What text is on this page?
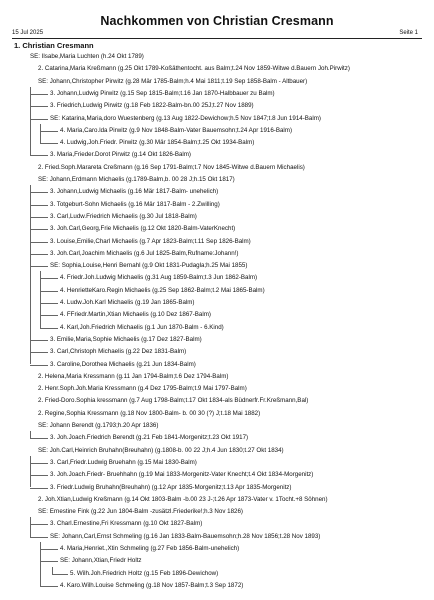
Nachkommen von Christian Cresmann
15 Jul 2025	Seite 1
1. Christian Cresmann
SE: Ilsabe,Maria Luchten (h.24 Okt 1789)
2. Catarina,Maria Kreßmann (g.25 Okt 1789-Koßäthentocht. aus Balm;t.24 Nov 1859-Witwe d.Bauern Joh.Pirwitz)
SE: Johann,Christopher Pirwitz (g.28 Mär 1785-Balm;h.4 Mai 1811;t.19 Sep 1858-Balm - Altbauer)
3. Johann,Ludwig Pirwitz (g.15 Sep 1815-Balm;t.16 Jan 1870-Halbbauer zu Balm)
3. Friedrich,Ludwig Pirwitz (g.18 Feb 1822-Balm-bn.00 25J;t.27 Nov 1889)
SE: Katarina,Maria,doro Wuestenberg (g.13 Aug 1822-Dewichow;h.5 Nov 1847;t.8 Jun 1914-Balm)
4. Maria,Caro.lda Pirwitz (g.9 Nov 1848-Balm-Vater Bauemsohn;t.24 Apr 1916-Balm)
4. Ludwig,Joh.Friedr. Pirwitz (g.30 Mär 1854-Balm;t.25 Okt 1934-Balm)
3. Maria,Frieder.Dorot Pirwitz (g.14 Okt 1826-Balm)
2. Fried.Soph.Marareta Creßmann (g.16 Sep 1791-Balm;t.7 Nov 1845-Witwe d.Bauern Michaelis)
SE: Johann,Erdmann Michaelis (g.1789-Balm,b. 00 28 J;h.15 Okt 1817)
3. Johann,Ludwig Michaelis (g.16 Mär 1817-Balm- unehelich)
3. Totgeburt-Sohn Michaelis (g.16 Mär 1817-Balm - 2.Zwilling)
3. Carl,Ludw.Friedrich Michaelis (g.30 Jul 1818-Balm)
3. Joh.Carl,Georg,Frie Michaelis (g.12 Okt 1820-Balm-VaterKnecht)
3. Louise,Emilie,Charl Michaelis (g.7 Apr 1823-Balm;t.11 Sep 1826-Balm)
3. Joh.Carl,Joachim Michaelis (g.6 Jul 1825-Balm,Rufname:Johann!)
SE: Sophia,Louise,Henri Bernahl (g.9 Okt 1831-Pudagla;h.25 Mai 1855)
4. Friedr.Joh.Ludwig Michaelis (g.31 Aug 1859-Balm;t.3 Jun 1862-Balm)
4. HenrietteKaro.Regin Michaelis (g.25 Sep 1862-Balm;t.2 Mai 1865-Balm)
4. Ludw.Joh.Karl Michaelis (g.19 Jan 1865-Balm)
4. FFriedr.Martin,Xtian Michaelis (g.10 Dez 1867-Balm)
4. Karl,Joh.Friedrich Michaelis (g.1 Jun 1870-Balm - 6.Kind)
3. Emilie,Maria,Sophie Michaelis (g.17 Dez 1827-Balm)
3. Carl,Christoph Michaelis (g.22 Dez 1831-Balm)
3. Caroline,Dorothea Michaelis (g.21 Jun 1834-Balm)
2. Helena,Maria Kressmann (g.11 Jan 1794-Balm;t.6 Dez 1794-Balm)
2. Henr.Soph.Joh.Maria Kressmann (g.4 Dez 1795-Balm;t.9 Mai 1797-Balm)
2. Fried-Doro.Sophia kressmann (g.7 Aug 1798-Balm;t.17 Okt 1834-als Büdnerfr.Fr.Kreßmann,Bal)
2. Regine,Sophia Kressmann (g.18 Nov 1800-Balm- b. 00 30 (?) J;t.18 Mai 1882)
SE: Johann Berendt (g.1793;h.20 Apr 1836)
3. Joh.Joach.Friedrich Berendt (g.21 Feb 1841-Morgenitz;t.23 Okt 1917)
SE: Joh.Carl,Heinrich Bruhahn(Breuhahn) (g.1808-b. 00 22 J;h.4 Jun 1830;t.27 Okt 1834)
3. Carl,Friedr.Ludwig Bruehahn (g.15 Mai 1830-Balm)
3. Joh.Joach.Friedr- Bruehhahn (g.19 Mai 1833-Morgenitz-Vater Knecht;t.4 Okt 1834-Morgenitz)
3. Friedr.Ludwig Bruhahn(Breuhahn) (g.12 Apr 1835-Morgenitz;t.13 Apr 1835-Morgenitz)
2. Joh.Xtian,Ludwig Kreßmann (g.14 Okt 1803-Balm -b.00 23 J-;t.26 Apr 1873-Vater v. 1Tocht.+8 Söhnen)
SE: Ernestine Fink (g.22 Jun 1804-Balm -zusätzl.Friederike!;h.3 Nov 1826)
3. Charl.Ernestine,Fri Kressmann (g.10 Okt 1827-Balm)
SE: Johann,Carl,Ernst Schmeling (g.16 Jan 1833-Balm-Bauemsohn;h.28 Nov 1856;t.28 Nov 1893)
4. Maria,Henriet.,Xtin Schmeling (g.27 Feb 1856-Balm-unehelich)
SE: Johann,Xtian,Friedr Holtz
5. Wilh.Joh.Friedrich Holtz (g.15 Feb 1896-Dewichow)
4. Karo.Wilh.Louise Schmeling (g.18 Nov 1857-Balm;t.3 Sep 1872)
